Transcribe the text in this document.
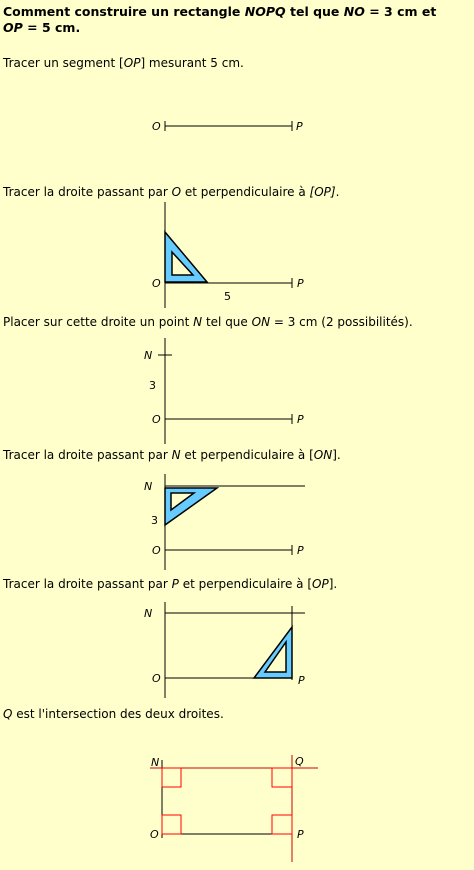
Comment construire un rectangle NOPQ tel que NO = 3 cm et
OP = 5 cm.
Tracer un segment [OP] mesurant 5 cm.
O	P
Tracer la droite passant par O et perpendiculaire à [OP].
O	P
5
Placer sur cette droite un point N tel que ON = 3 cm (2 possibilités).
N
3
O	P
Tracer la droite passant par N et perpendiculaire à [ON].
N
3
O	P
Tracer la droite passant par P et perpendiculaire à [OP].
N
O	P
Q est l'intersection des deux droites.
N	Q
O	P
